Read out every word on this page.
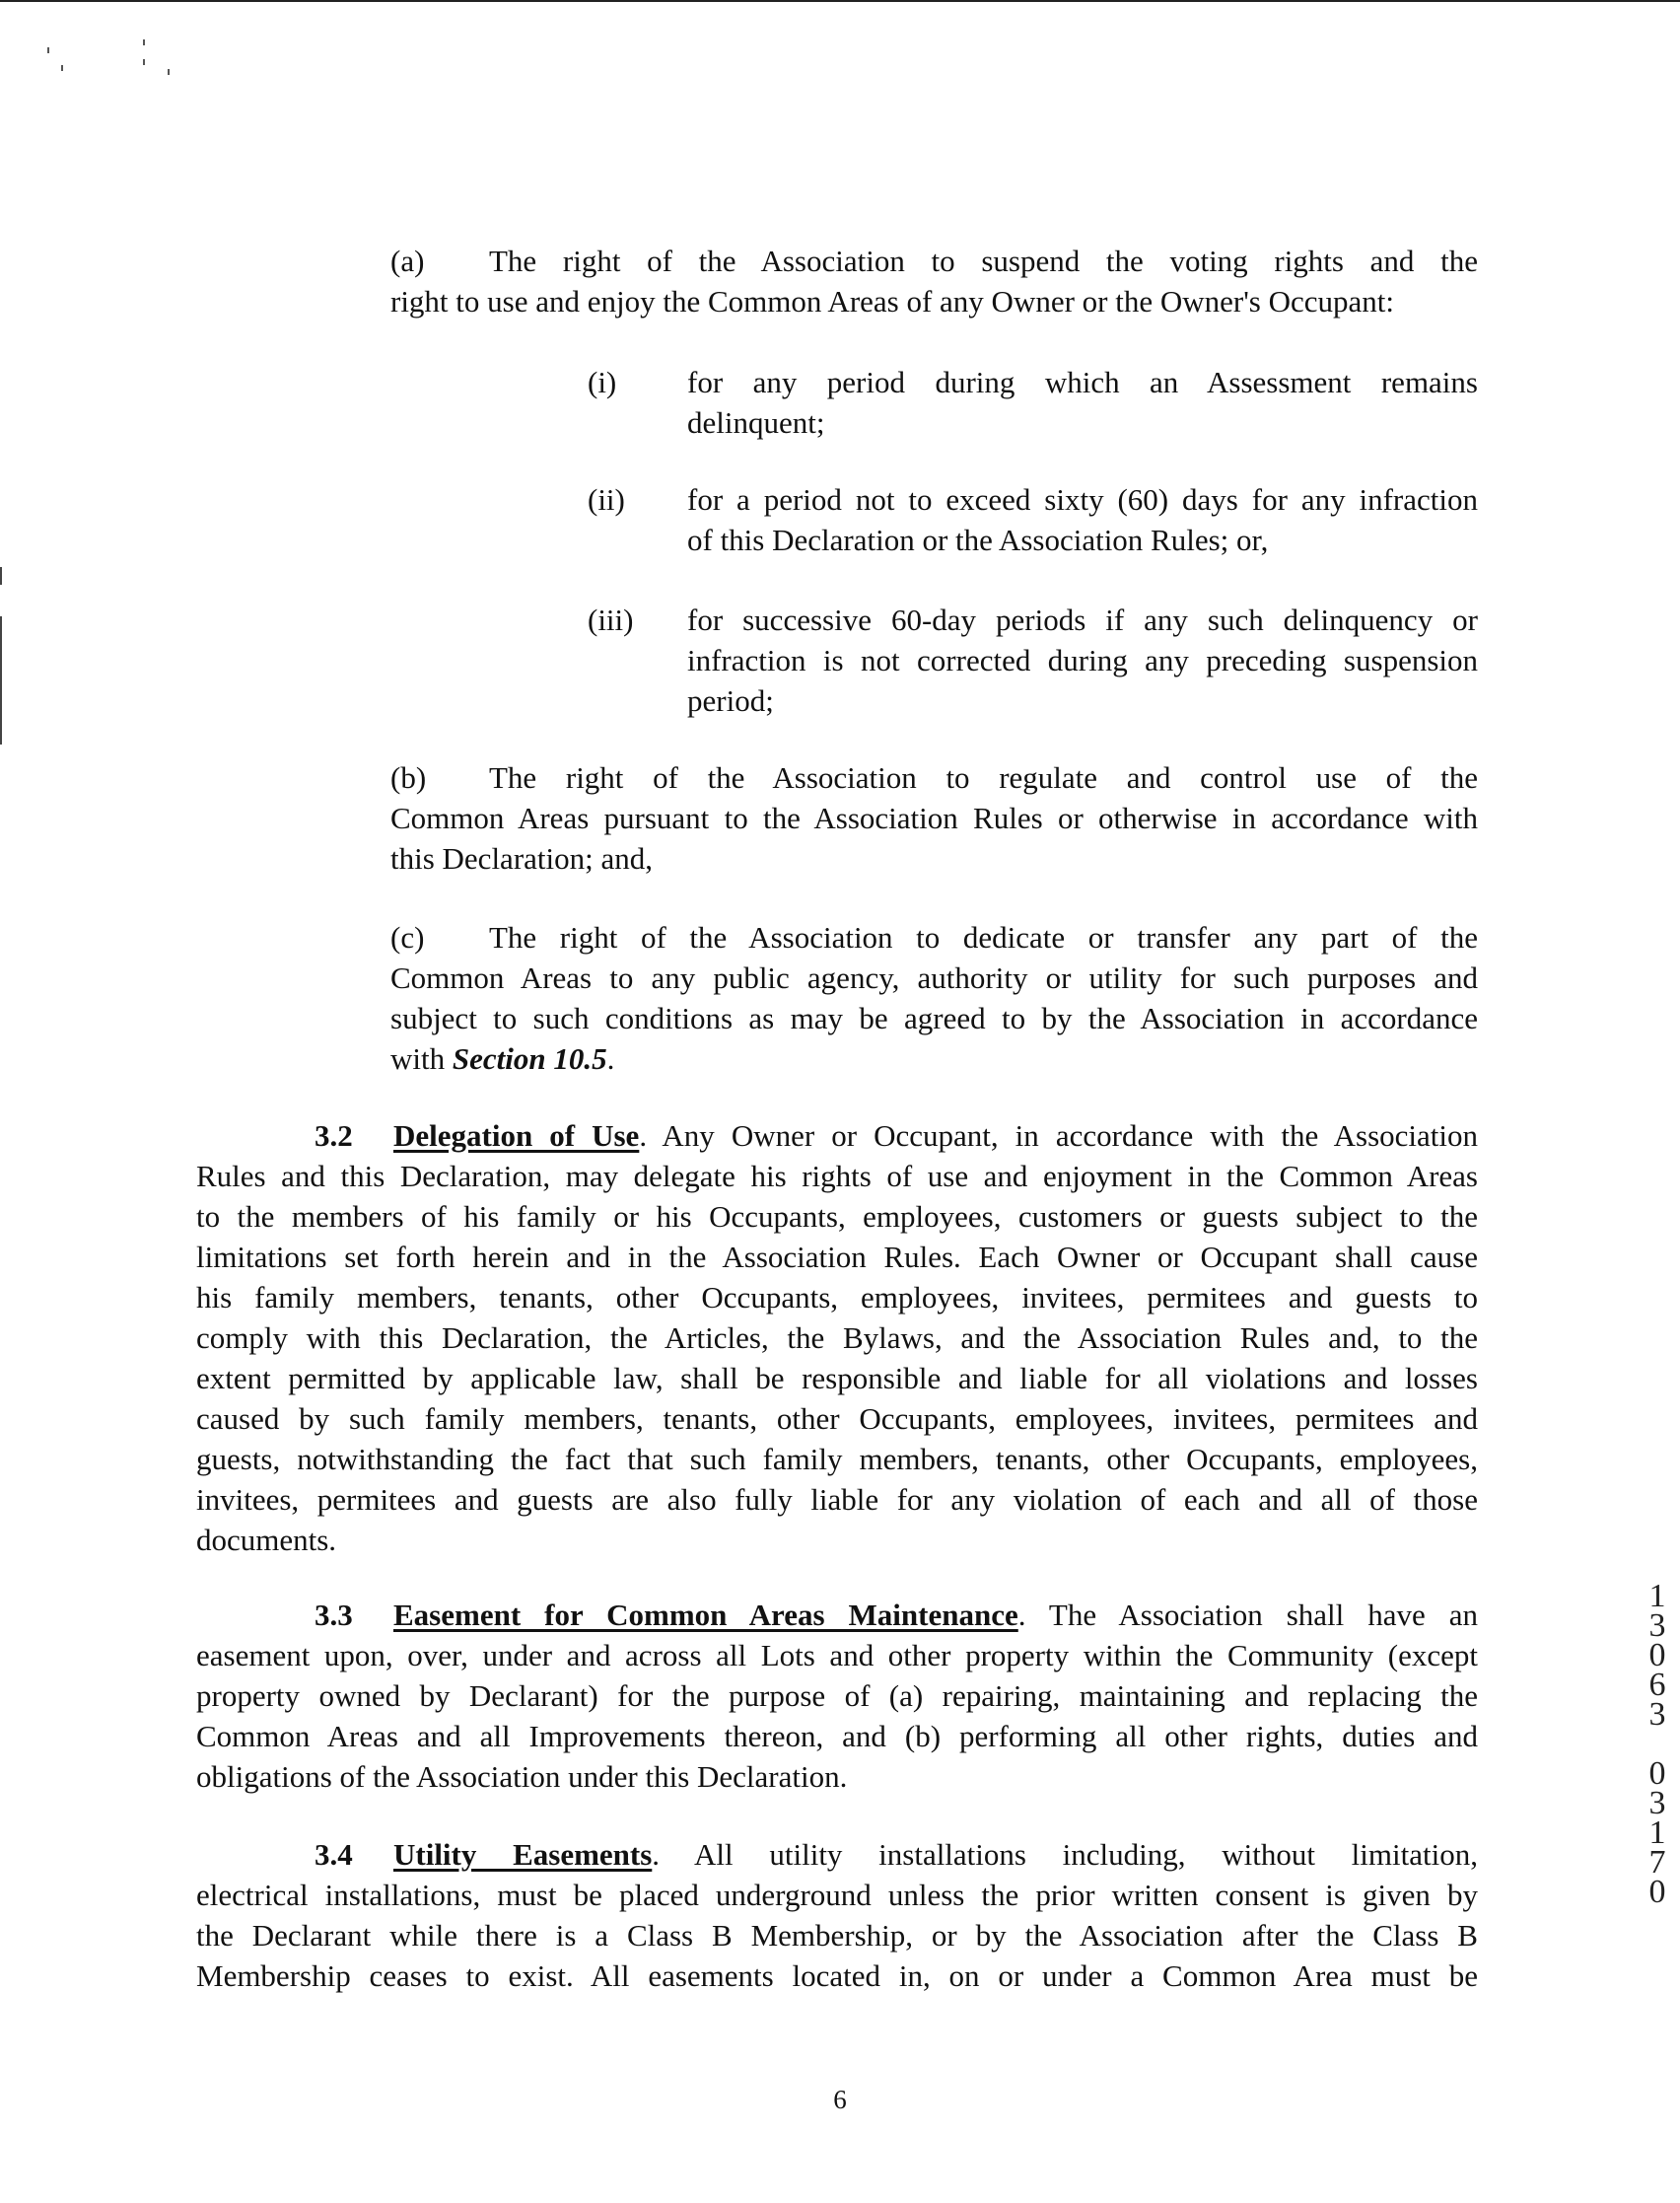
(a) The right of the Association to suspend the voting rights and the
right to use and enjoy the Common Areas of any Owner or the Owner's Occupant:
(i) for any period during which an Assessment remains
delinquent;
(ii) for a period not to exceed sixty (60) days for any infraction
of this Declaration or the Association Rules; or,
(iii) for successive 60-day periods if any such delinquency or
infraction is not corrected during any preceding suspension
period;
(b) The right of the Association to regulate and control use of the
Common Areas pursuant to the Association Rules or otherwise in accordance with
this Declaration; and,
(c) The right of the Association to dedicate or transfer any part of the
Common Areas to any public agency, authority or utility for such purposes and
subject to such conditions as may be agreed to by the Association in accordance
with Section 10.5.
3.2 Delegation of Use. Any Owner or Occupant, in accordance with the Association
Rules and this Declaration, may delegate his rights of use and enjoyment in the Common Areas
to the members of his family or his Occupants, employees, customers or guests subject to the
limitations set forth herein and in the Association Rules. Each Owner or Occupant shall cause
his family members, tenants, other Occupants, employees, invitees, permitees and guests to
comply with this Declaration, the Articles, the Bylaws, and the Association Rules and, to the
extent permitted by applicable law, shall be responsible and liable for all violations and losses
caused by such family members, tenants, other Occupants, employees, invitees, permitees and
guests, notwithstanding the fact that such family members, tenants, other Occupants, employees,
invitees, permitees and guests are also fully liable for any violation of each and all of those
documents.
3.3 Easement for Common Areas Maintenance. The Association shall have an
easement upon, over, under and across all Lots and other property within the Community (except
property owned by Declarant) for the purpose of (a) repairing, maintaining and replacing the
Common Areas and all Improvements thereon, and (b) performing all other rights, duties and
obligations of the Association under this Declaration.
3.4 Utility Easements. All utility installations including, without limitation,
electrical installations, must be placed underground unless the prior written consent is given by
the Declarant while there is a Class B Membership, or by the Association after the Class B
Membership ceases to exist. All easements located in, on or under a Common Area must be
1
3
0
6
3
0
3
1
7
0
6
